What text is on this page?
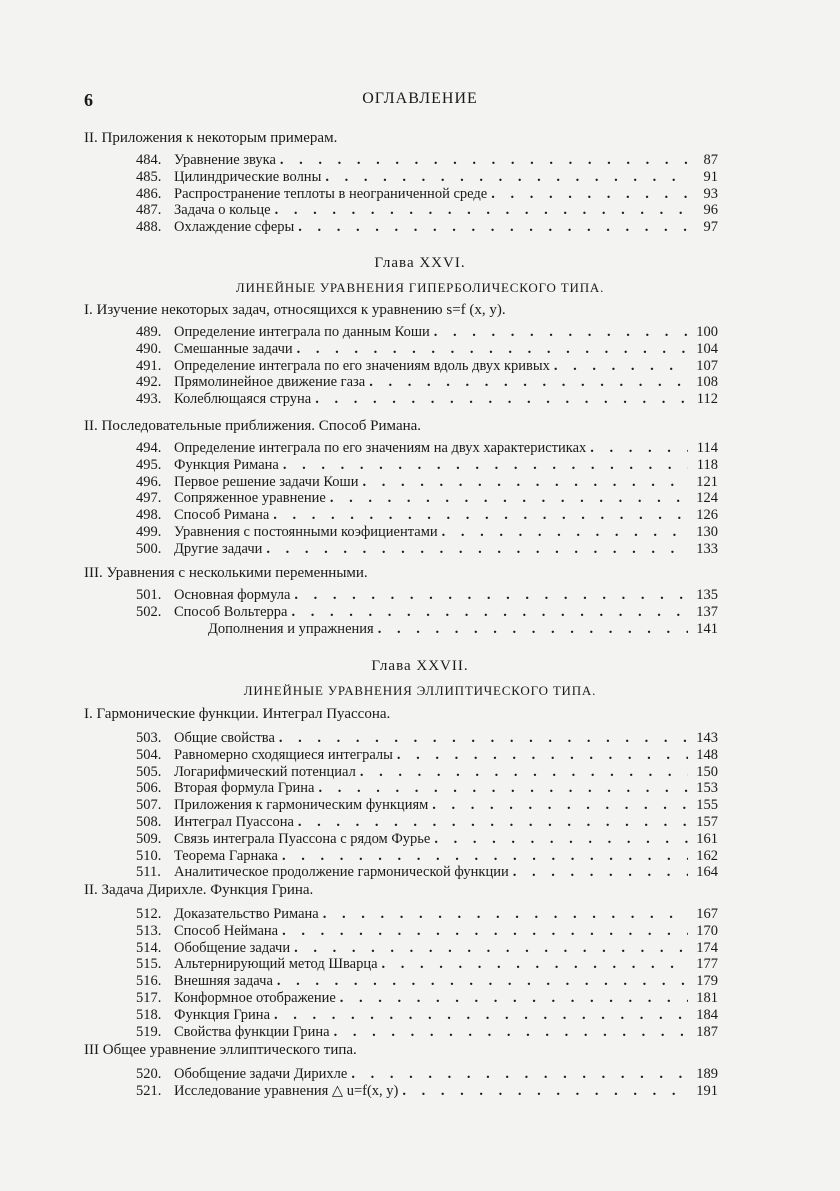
6	ОГЛАВЛЕНИЕ
II. Приложения к некоторым примерам.
484. Уравнение звука . . .	87
485. Цилиндрические волны . . .	91
486. Распространение теплоты в неограниченной среде . . .	93
487. Задача о кольце . . .	96
488. Охлаждение сферы . . .	97
Глава XXVI.
ЛИНЕЙНЫЕ УРАВНЕНИЯ ГИПЕРБОЛИЧЕСКОГО ТИПА.
I. Изучение некоторых задач, относящихся к уравнению s=f (x, y).
489. Определение интеграла по данным Коши . . .	100
490. Смешанные задачи . . .	104
491. Определение интеграла по его значениям вдоль двух кривых . . .	107
492. Прямолинейное движение газа . . .	108
493. Колеблющаяся струна . . .	112
II. Последовательные приближения. Способ Римана.
494. Определение интеграла по его значениям на двух характеристиках . . .	114
495. Функция Римана . . .	118
496. Первое решение задачи Коши . . .	121
497. Сопряженное уравнение . . .	124
498. Способ Римана . . .	126
499. Уравнения с постоянными коэфициентами . . .	130
500. Другие задачи . . .	133
III. Уравнения с несколькими переменными.
501. Основная формула . . .	135
502. Способ Вольтерра . . .	137
Дополнения и упражнения . . .	141
Глава XXVII.
ЛИНЕЙНЫЕ УРАВНЕНИЯ ЭЛЛИПТИЧЕСКОГО ТИПА.
I. Гармонические функции. Интеграл Пуассона.
503. Общие свойства . . .	143
504. Равномерно сходящиеся интегралы . . .	148
505. Логарифмический потенциал . . .	150
506. Вторая формула Грина . . .	153
507. Приложения к гармоническим функциям . . .	155
508. Интеграл Пуассона . . .	157
509. Связь интеграла Пуассона с рядом Фурье . . .	161
510. Теорема Гарнака . . .	162
511. Аналитическое продолжение гармонической функции . . .	164
II. Задача Дирихле. Функция Грина.
512. Доказательство Римана . . .	167
513. Способ Неймана . . .	170
514. Обобщение задачи . . .	174
515. Альтернирующий метод Шварца . . .	177
516. Внешняя задача . . .	179
517. Конформное отображение . . .	181
518. Функция Грина . . .	184
519. Свойства функции Грина . . .	187
III Общее уравнение эллиптического типа.
520. Обобщение задачи Дирихле . . .	189
521. Исследование уравнения △ u=f(x, y) . . .	191
